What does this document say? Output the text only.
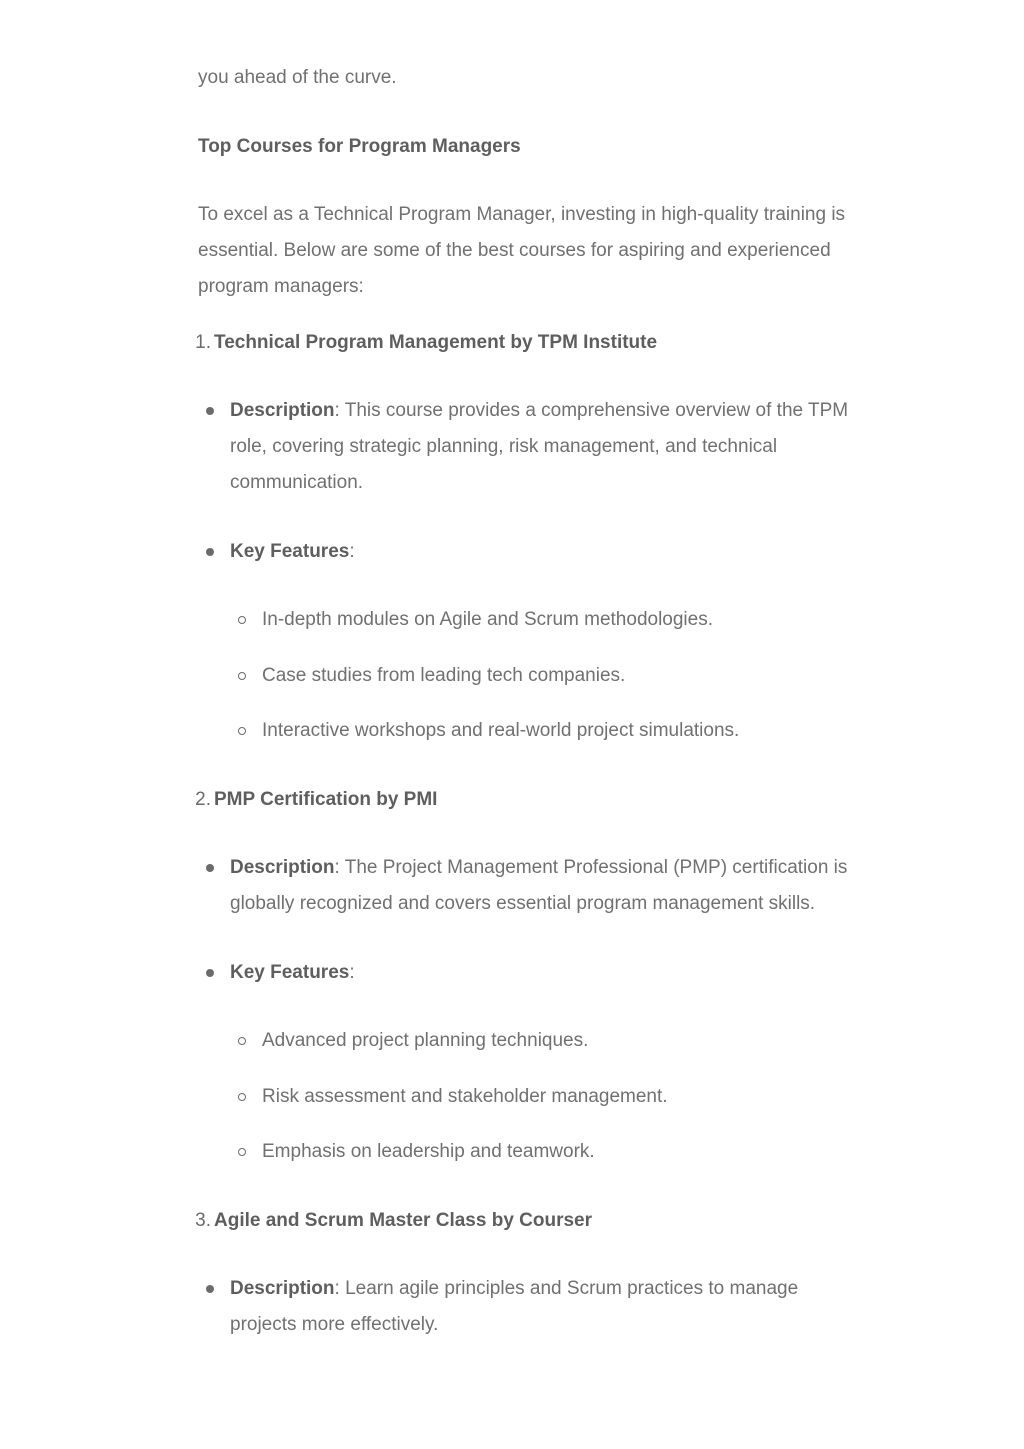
you ahead of the curve.

Top Courses for Program Managers

To excel as a Technical Program Manager, investing in high-quality training is essential. Below are some of the best courses for aspiring and experienced program managers:

1. Technical Program Management by TPM Institute

Description: This course provides a comprehensive overview of the TPM role, covering strategic planning, risk management, and technical communication.

Key Features:

In-depth modules on Agile and Scrum methodologies.

Case studies from leading tech companies.

Interactive workshops and real-world project simulations.

2. PMP Certification by PMI

Description: The Project Management Professional (PMP) certification is globally recognized and covers essential program management skills.

Key Features:

Advanced project planning techniques.

Risk assessment and stakeholder management.

Emphasis on leadership and teamwork.

3. Agile and Scrum Master Class by Courser

Description: Learn agile principles and Scrum practices to manage projects more effectively.
